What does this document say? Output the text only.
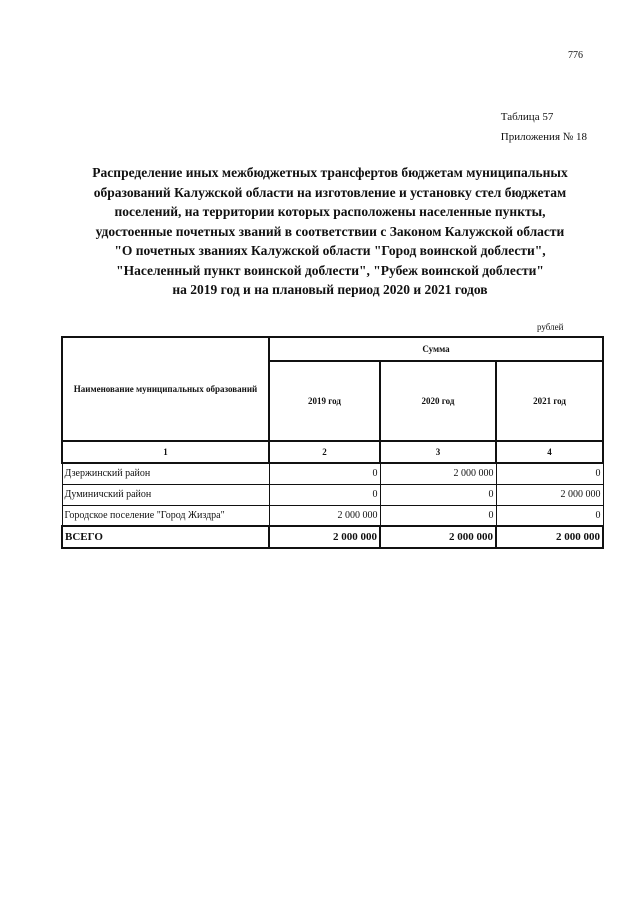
776
Таблица 57
Приложения № 18
Распределение иных межбюджетных трансфертов бюджетам муниципальных
образований Калужской области на изготовление и установку стел бюджетам
поселений, на территории которых расположены населенные пункты,
удостоенные почетных званий в соответствии с Законом Калужской области
"О почетных званиях Калужской области "Город воинской доблести",
"Населенный пункт воинской доблести", "Рубеж воинской доблести"
на 2019 год и на плановый период 2020 и 2021 годов
рублей
Наименование муниципальных образований	Сумма		
	2019 год	2020 год	2021 год
1	2	3	4
Дзержинский район	0	2 000 000	0
Думиничский район	0	0	2 000 000
Городское поселение "Город Жиздра"	2 000 000	0	0
ВСЕГО	2 000 000	2 000 000	2 000 000
